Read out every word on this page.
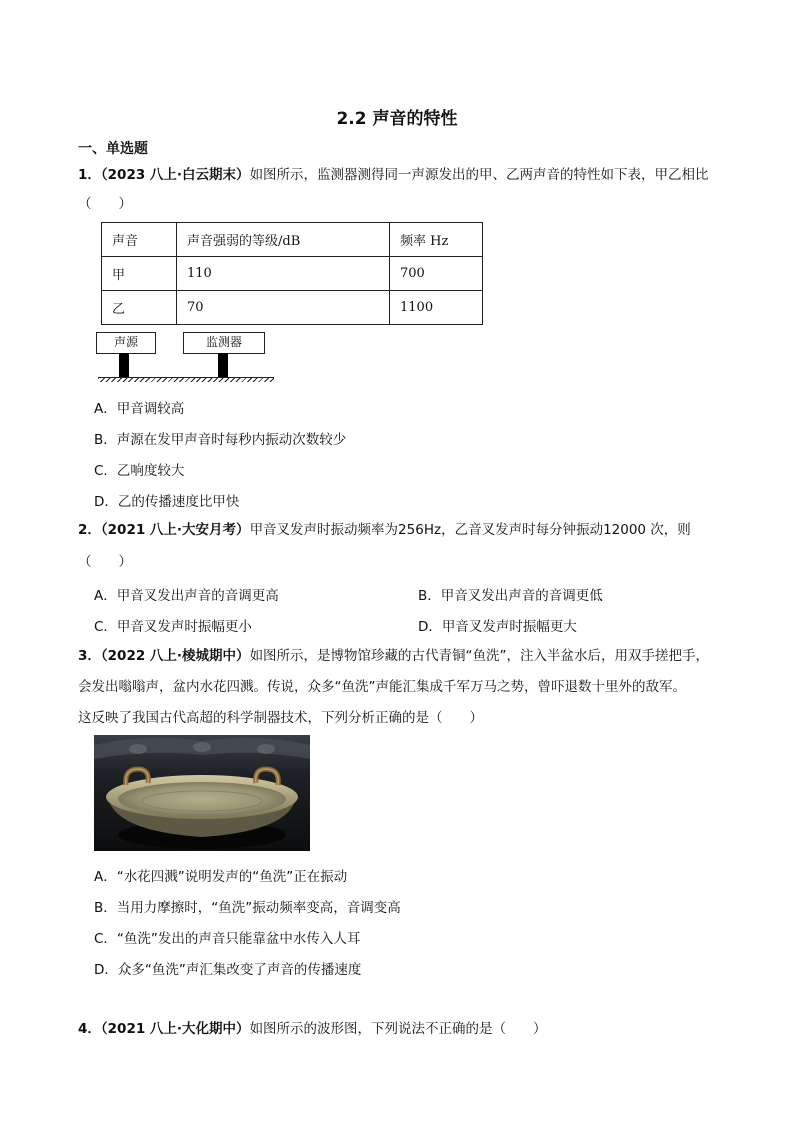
2.2 声音的特性
一、单选题
1．（2023 八上·白云期末）如图所示，监测器测得同一声源发出的甲、乙两声音的特性如下表，甲乙相比
（　　）
声音	声音强弱的等级/dB	频率 Hz
甲	110	700
乙	70	1100
声源	监测器
A．甲音调较高
B．声源在发甲声音时每秒内振动次数较少
C．乙响度较大
D．乙的传播速度比甲快
2．（2021 八上·大安月考）甲音叉发声时振动频率为256Hz，乙音叉发声时每分钟振动12000 次，则
（　　）
A．甲音叉发出声音的音调更高	B．甲音叉发出声音的音调更低
C．甲音叉发声时振幅更小	D．甲音叉发声时振幅更大
3．（2022 八上·棱城期中）如图所示，是博物馆珍藏的古代青铜“鱼洗”，注入半盆水后，用双手搓把手，
会发出嗡嗡声，盆内水花四溅。传说，众多“鱼洗”声能汇集成千军万马之势，曾吓退数十里外的敌军。
这反映了我国古代高超的科学制器技术，下列分析正确的是（　　）
A．“水花四溅”说明发声的“鱼洗”正在振动
B．当用力摩擦时，“鱼洗”振动频率变高，音调变高
C．“鱼洗”发出的声音只能靠盆中水传入人耳
D．众多“鱼洗”声汇集改变了声音的传播速度
4．（2021 八上·大化期中）如图所示的波形图，下列说法不正确的是（　　）
